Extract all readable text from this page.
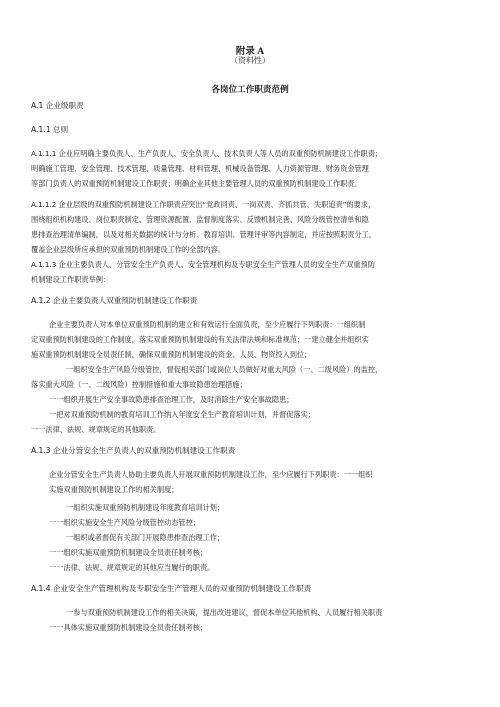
附录 A
（资料性）
各岗位工作职责范例
A.1 企业级职责
A.1.1 总则
A.1.1.1 企业应明确主要负责人、生产负责人、安全负责人、技术负责人等人员的双重预防机制建设工作职责；
明确施工管理、安全管理、技术管理、质量管理、材料管理、机械设备管理、人力资源管理、财务资金管理
等部门负责人的双重预防机制建设工作职责；明确企业其他主要管理人员的双重预防机制建设工作职责。
A.1.1.2 企业层级的双重预防机制建设工作职责应突出“党政同责、一岗双责、齐抓共管、失职追责”的要求，
围绕组织机构建设、岗位职责制定、管理资源配置、监督制度落实、反馈机制完善、风险分级管控清单和隐
患排查治理清单编制，以及对相关数据的统计与分析、教育培训、管理评审等内容制定，并应按照职责分工，
覆盖企业层级所应承担的双重预防机制建设工作的全部内容。
A.1.1.3 企业主要负责人、分管安全生产负责人、安全管理机构及专职安全生产管理人员的安全生产双重预防
机制建设工作职责举例：
A.1.2 企业主要负责人双重预防机制建设工作职责
企业主要负责人对本单位双重预防机制的建立和有效运行全面负责，至少应履行下列职责：一组织制
定双重预防机制建设的工作制度，落实双重预防机制建设的有关法律法规和标准规范；一建立健全并组织实
施双重预防机制建设全员责任制，确保双重预防机制建设的资金、人员、物资投入到位；
一组织安全生产风险分级管控，督促相关部门或岗位人员做好对重大风险（一、二级风险）的监控，
落实重大风险（一、二级风险）控制措施和重大事故隐患治理措施；
一一组织开展生产安全事故隐患排查治理工作，及时消除生产安全事故隐患；
一把对双重预防机制的教育培训工作纳入年度安全生产教育培训计划，并督促落实；
一一法律、法规、规章规定的其他职责。
A.1.3 企业分管安全生产负责人的双重预防机制建设工作职责
企业分管安全生产负责人协助主要负责人开展双重预防机制建设工作，至少应履行下列职责：一一组织
实施双重预防机制建设工作的相关制度；
一组织实施双重预防机制建设年度教育培训计划；
一一组织实施安全生产风险分级管控动态管控；
一组织或者督促有关部门开展隐患排查治理工作；
一一组织实施双重预防机制建设全员责任制考核；
一一法律、法规、规章规定的其他应当履行的职责。
A.1.4 企业安全生产管理机构及专职安全生产管理人员的双重预防机制建设工作职责
一参与双重预防机制建设工作的相关决策，提出改进建议，督促本单位其他机构、人员履行相关职责
一一具体实施双重预防机制建设全员责任制考核；
